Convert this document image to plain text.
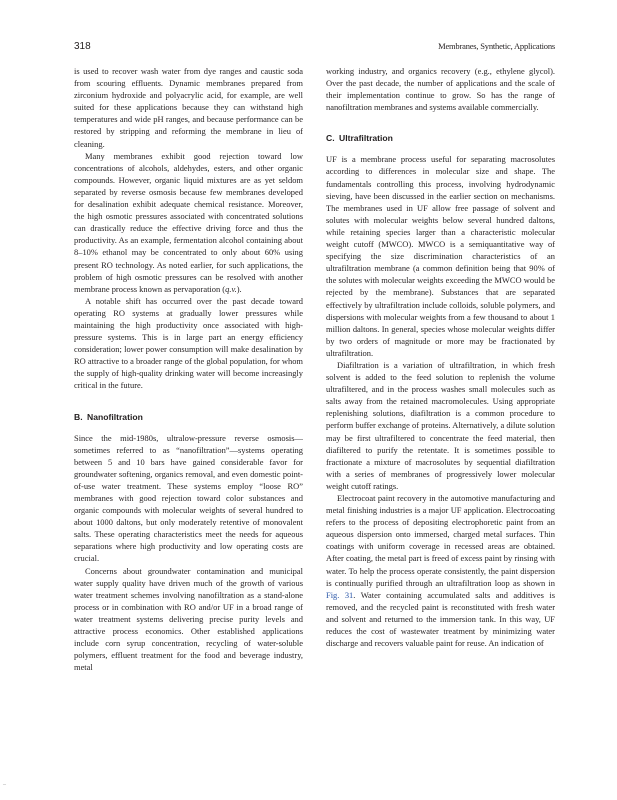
318	Membranes, Synthetic, Applications

is used to recover wash water from dye ranges and caustic soda from scouring effluents. Dynamic membranes prepared from zirconium hydroxide and polyacrylic acid, for example, are well suited for these applications because they can withstand high temperatures and wide pH ranges, and because performance can be restored by stripping and reforming the membrane in lieu of cleaning.

Many membranes exhibit good rejection toward low concentrations of alcohols, aldehydes, esters, and other organic compounds. However, organic liquid mixtures are as yet seldom separated by reverse osmosis because few membranes developed for desalination exhibit adequate chemical resistance. Moreover, the high osmotic pressures associated with concentrated solutions can drastically reduce the effective driving force and thus the productivity. As an example, fermentation alcohol containing about 8–10% ethanol may be concentrated to only about 60% using present RO technology. As noted earlier, for such applications, the problem of high osmotic pressures can be resolved with another membrane process known as pervaporation (q.v.).

A notable shift has occurred over the past decade toward operating RO systems at gradually lower pressures while maintaining the high productivity once associated with high-pressure systems. This is in large part an energy efficiency consideration; lower power consumption will make desalination by RO attractive to a broader range of the global population, for whom the supply of high-quality drinking water will become increasingly critical in the future.

B. Nanofiltration

Since the mid-1980s, ultralow-pressure reverse osmosis—sometimes referred to as “nanofiltration”—systems operating between 5 and 10 bars have gained considerable favor for groundwater softening, organics removal, and even domestic point-of-use water treatment. These systems employ “loose RO” membranes with good rejection toward color substances and organic compounds with molecular weights of several hundred to about 1000 daltons, but only moderately retentive of monovalent salts. These operating characteristics meet the needs for aqueous separations where high productivity and low operating costs are crucial.

Concerns about groundwater contamination and municipal water supply quality have driven much of the growth of various water treatment schemes involving nanofiltration as a stand-alone process or in combination with RO and/or UF in a broad range of water treatment systems delivering precise purity levels and attractive process economics. Other established applications include corn syrup concentration, recycling of water-soluble polymers, effluent treatment for the food and beverage industry, metal

working industry, and organics recovery (e.g., ethylene glycol). Over the past decade, the number of applications and the scale of their implementation continue to grow. So has the range of nanofiltration membranes and systems available commercially.

C. Ultrafiltration

UF is a membrane process useful for separating macrosolutes according to differences in molecular size and shape. The fundamentals controlling this process, involving hydrodynamic sieving, have been discussed in the earlier section on mechanisms. The membranes used in UF allow free passage of solvent and solutes with molecular weights below several hundred daltons, while retaining species larger than a characteristic molecular weight cutoff (MWCO). MWCO is a semiquantitative way of specifying the size discrimination characteristics of an ultrafiltration membrane (a common definition being that 90% of the solutes with molecular weights exceeding the MWCO would be rejected by the membrane). Substances that are separated effectively by ultrafiltration include colloids, soluble polymers, and dispersions with molecular weights from a few thousand to about 1 million daltons. In general, species whose molecular weights differ by two orders of magnitude or more may be fractionated by ultrafiltration.

Diafiltration is a variation of ultrafiltration, in which fresh solvent is added to the feed solution to replenish the volume ultrafiltered, and in the process washes small molecules such as salts away from the retained macromolecules. Using appropriate replenishing solutions, diafiltration is a common procedure to perform buffer exchange of proteins. Alternatively, a dilute solution may be first ultrafiltered to concentrate the feed material, then diafiltered to purify the retentate. It is sometimes possible to fractionate a mixture of macrosolutes by sequential diafiltration with a series of membranes of progressively lower molecular weight cutoff ratings.

Electrocoat paint recovery in the automotive manufacturing and metal finishing industries is a major UF application. Electrocoating refers to the process of depositing electrophoretic paint from an aqueous dispersion onto immersed, charged metal surfaces. Thin coatings with uniform coverage in recessed areas are obtained. After coating, the metal part is freed of excess paint by rinsing with water. To help the process operate consistently, the paint dispersion is continually purified through an ultrafiltration loop as shown in Fig. 31. Water containing accumulated salts and additives is removed, and the recycled paint is reconstituted with fresh water and solvent and returned to the immersion tank. In this way, UF reduces the cost of wastewater treatment by minimizing water discharge and recovers valuable paint for reuse. An indication of

–
